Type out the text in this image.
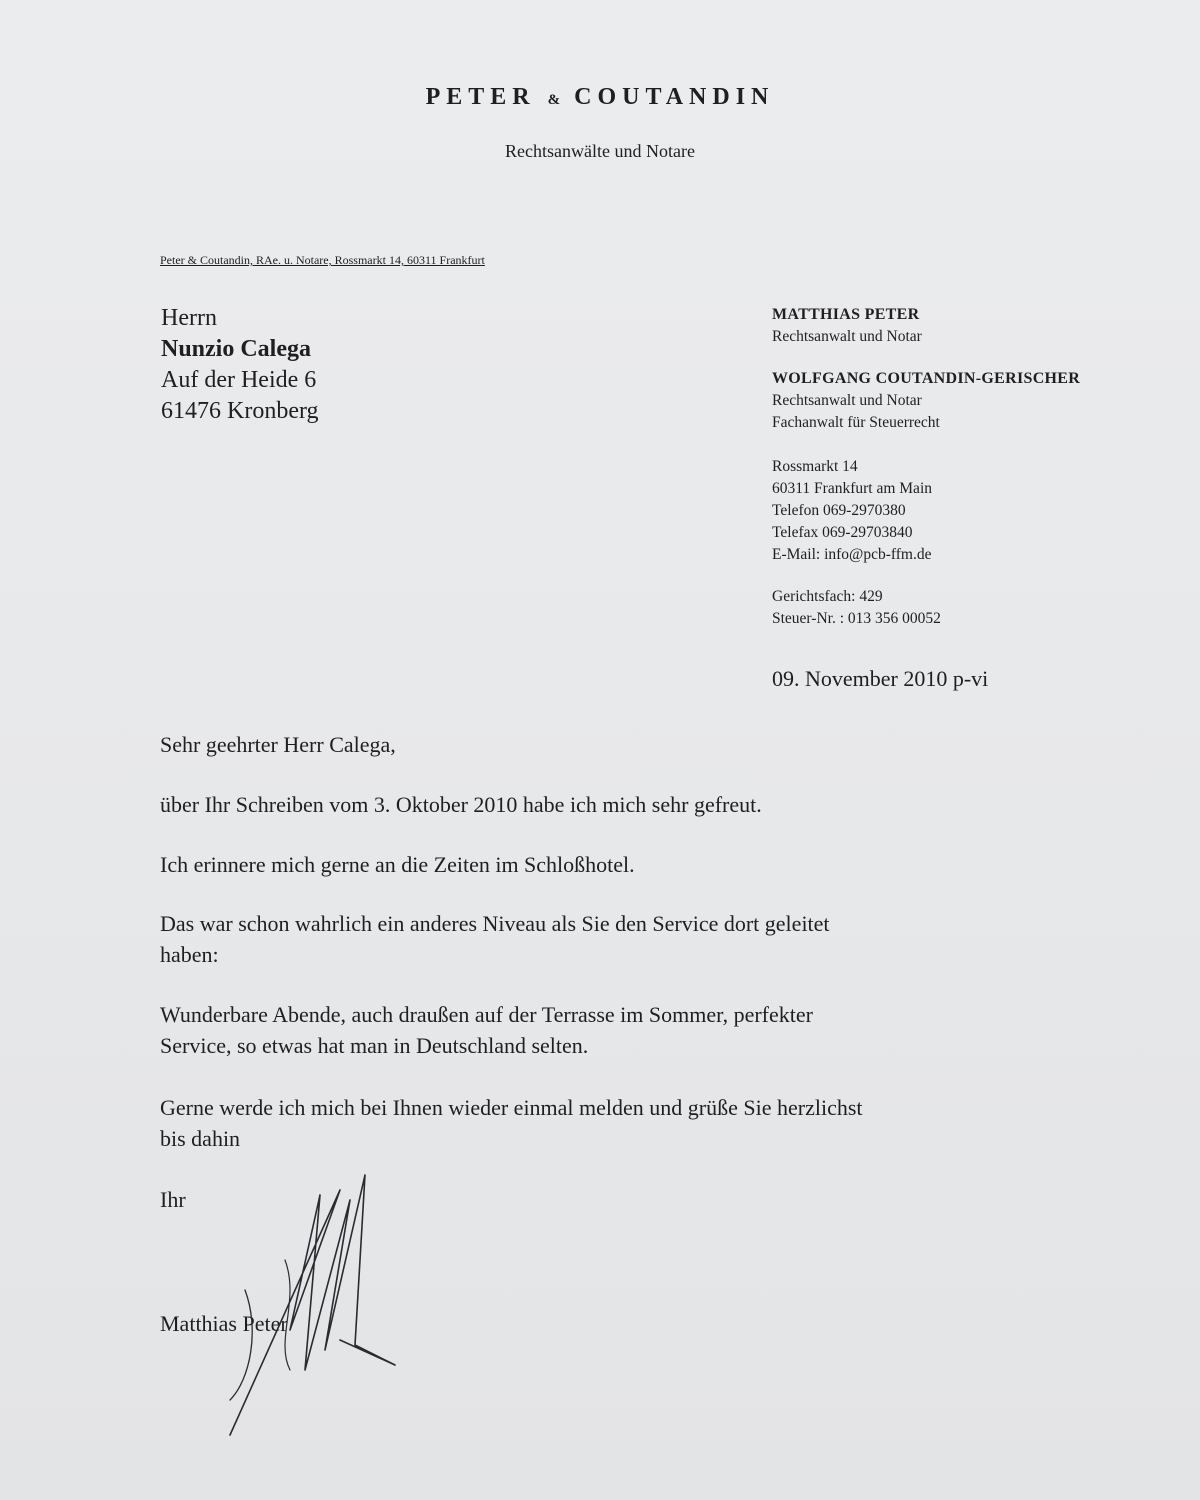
PETER & COUTANDIN
Rechtsanwälte und Notare
Peter & Coutandin, RAe. u. Notare, Rossmarkt 14, 60311 Frankfurt
Herrn
Nunzio Calega
Auf der Heide 6
61476 Kronberg
MATTHIAS PETER
Rechtsanwalt und Notar
WOLFGANG COUTANDIN-GERISCHER
Rechtsanwalt und Notar
Fachanwalt für Steuerrecht
Rossmarkt 14
60311 Frankfurt am Main
Telefon 069-2970380
Telefax 069-29703840
E-Mail: info@pcb-ffm.de
Gerichtsfach: 429
Steuer-Nr. : 013 356 00052
09. November 2010 p-vi
Sehr geehrter Herr Calega,
über Ihr Schreiben vom 3. Oktober 2010 habe ich mich sehr gefreut.
Ich erinnere mich gerne an die Zeiten im Schloßhotel.
Das war schon wahrlich ein anderes Niveau als Sie den Service dort geleitet
haben:
Wunderbare Abende, auch draußen auf der Terrasse im Sommer, perfekter
Service, so etwas hat man in Deutschland selten.
Gerne werde ich mich bei Ihnen wieder einmal melden und grüße Sie herzlichst
bis dahin
Ihr
Matthias Peter
